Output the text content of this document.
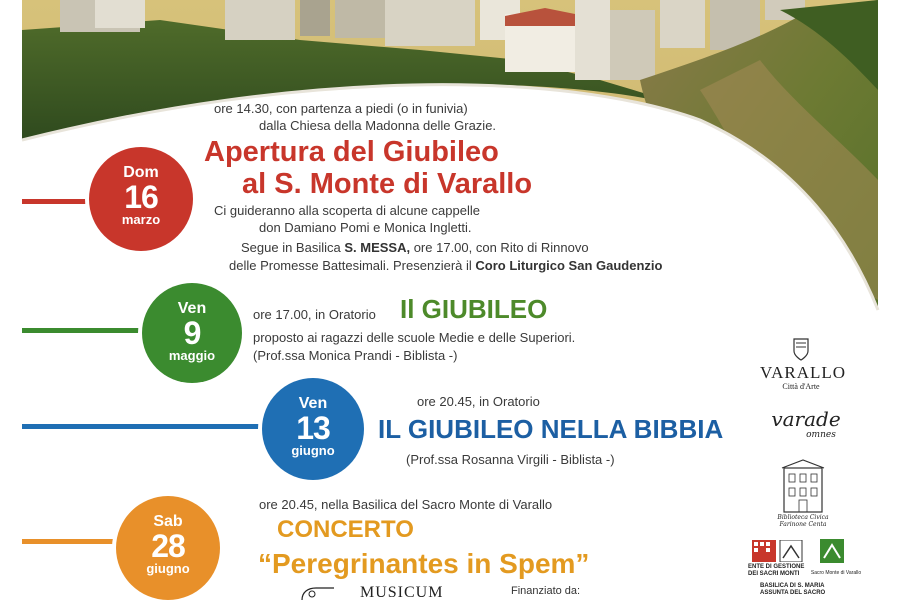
ore 14.30, con partenza a piedi (o in funivia)
dalla Chiesa della Madonna delle Grazie.
Apertura del Giubileo
al S. Monte di Varallo
Dom
16
marzo
Ci guideranno alla scoperta di alcune cappelle
don Damiano Pomi e Monica Ingletti.
Segue in Basilica S. MESSA, ore 17.00, con Rito di Rinnovo
delle Promesse Battesimali. Presenzierà il Coro Liturgico San Gaudenzio
Ven
9
maggio
ore 17.00, in Oratorio Il GIUBILEO
proposto ai ragazzi delle scuole Medie e delle Superiori.
(Prof.ssa Monica Prandi - Biblista -)
Ven
13
giugno
ore 20.45, in Oratorio
IL GIUBILEO NELLA BIBBIA
(Prof.ssa Rosanna Virgili - Biblista -)
Sab
28
giugno
ore 20.45, nella Basilica del Sacro Monte di Varallo
CONCERTO
“Peregrinantes in Spem”
Finanziato da:
MUSICUM
VARALLO
Città d'Arte
varade
omnes
Biblioteca Civica
Farinone Centa
ENTE DI GESTIONE
DEI SACRI MONTI	Sacro Monte di Varallo
BASILICA DI S. MARIA
ASSUNTA DEL SACRO
